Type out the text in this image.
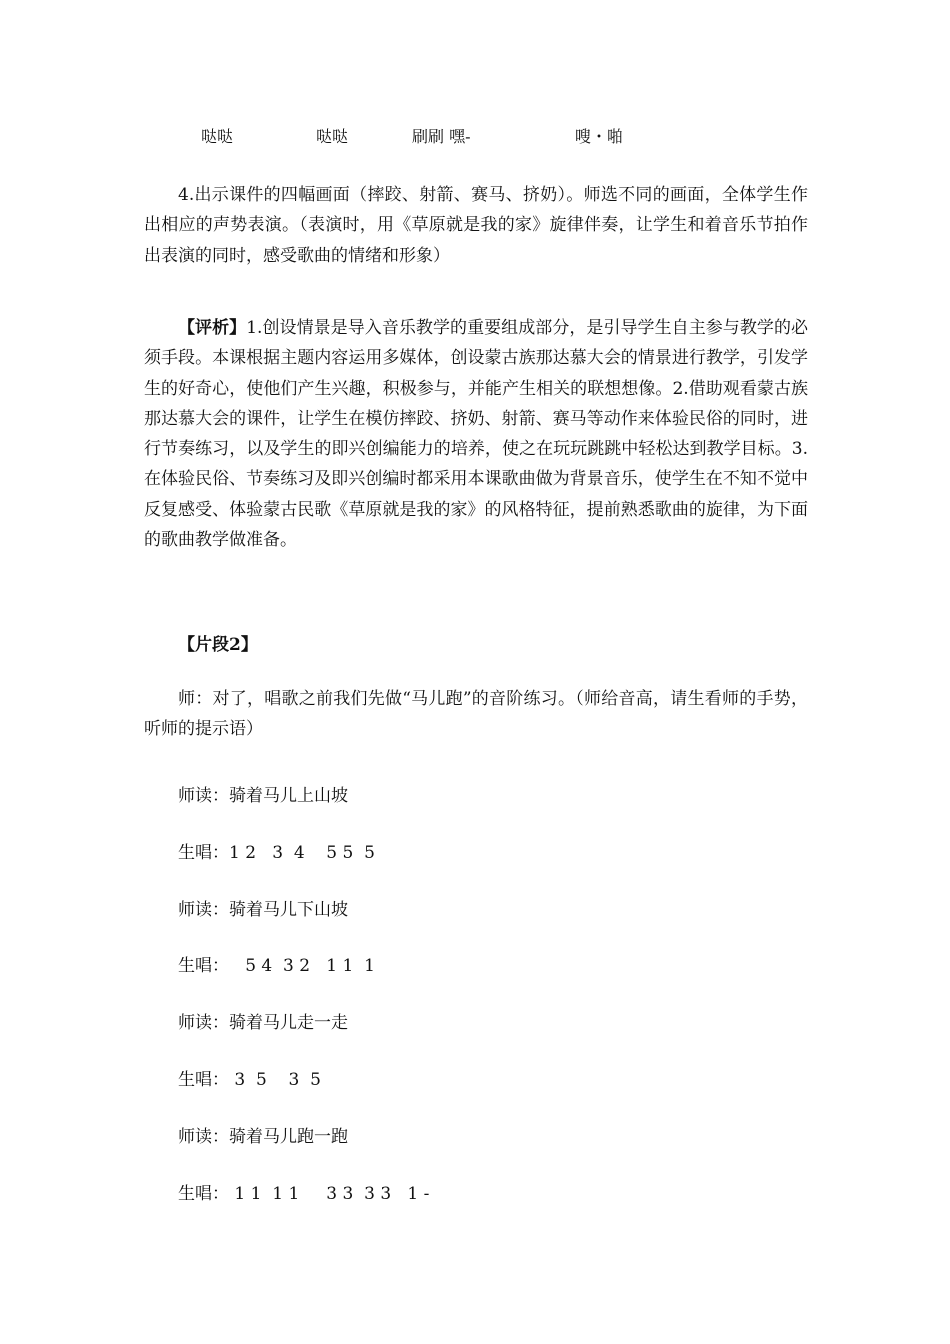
哒哒	哒哒	刷刷 嘿-	嗖・啪

4.出示课件的四幅画面（摔跤、射箭、赛马、挤奶）。师选不同的画面，全体学生作出相应的声势表演。（表演时，用《草原就是我的家》旋律伴奏，让学生和着音乐节拍作出表演的同时，感受歌曲的情绪和形象）

【评析】1.创设情景是导入音乐教学的重要组成部分，是引导学生自主参与教学的必须手段。本课根据主题内容运用多媒体，创设蒙古族那达慕大会的情景进行教学，引发学生的好奇心，使他们产生兴趣，积极参与，并能产生相关的联想想像。2.借助观看蒙古族那达慕大会的课件，让学生在模仿摔跤、挤奶、射箭、赛马等动作来体验民俗的同时，进行节奏练习，以及学生的即兴创编能力的培养，使之在玩玩跳跳中轻松达到教学目标。3.在体验民俗、节奏练习及即兴创编时都采用本课歌曲做为背景音乐，使学生在不知不觉中反复感受、体验蒙古民歌《草原就是我的家》的风格特征，提前熟悉歌曲的旋律，为下面的歌曲教学做准备。

【片段2】

师：对了，唱歌之前我们先做“马儿跑”的音阶练习。（师给音高，请生看师的手势，听师的提示语）

师读：骑着马儿上山坡

生唱：1 2   3  4    5 5  5

师读：骑着马儿下山坡

生唱：   5 4  3 2   1 1  1

师读：骑着马儿走一走

生唱： 3  5    3  5

师读：骑着马儿跑一跑

生唱： 1 1  1 1     3 3  3 3   1 -
